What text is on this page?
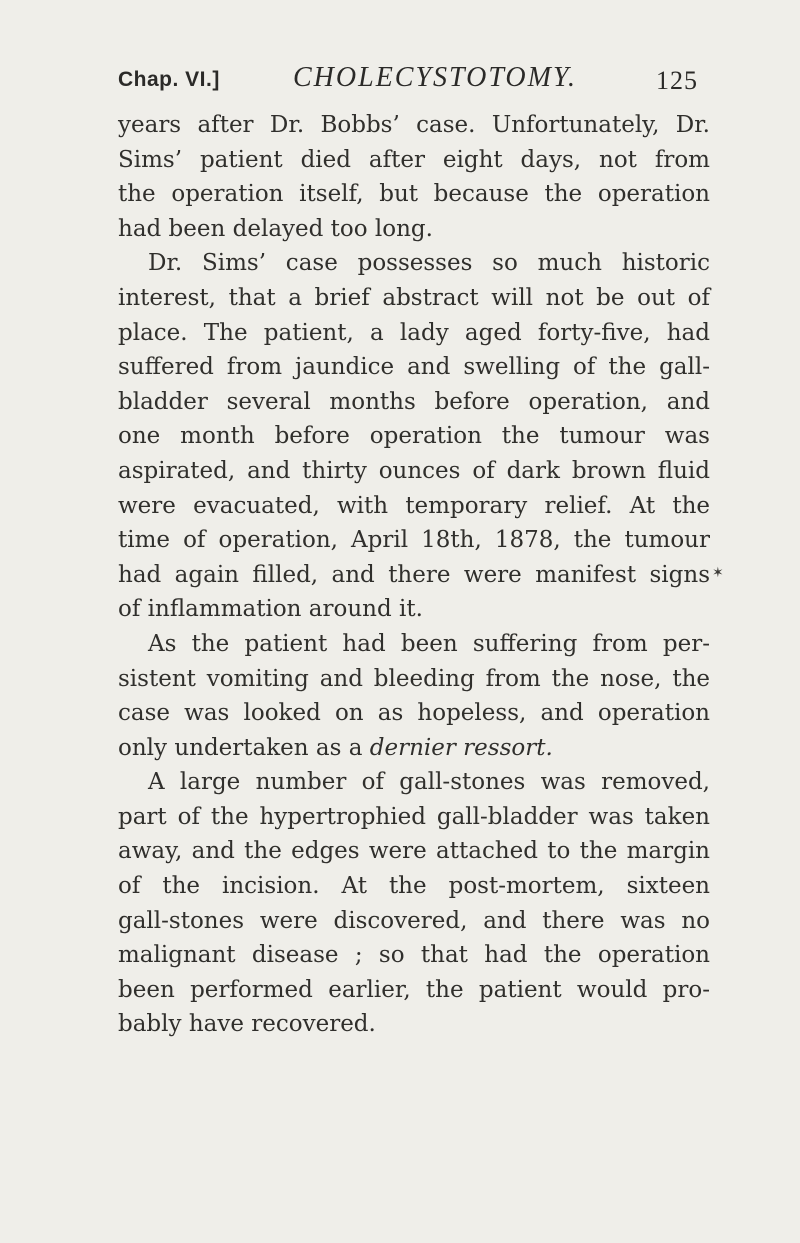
Chap. VI.]	CHOLECYSTOTOMY.	125
years after Dr. Bobbs’ case. Unfortunately, Dr.
Sims’ patient died after eight days, not from
the operation itself, but because the operation
had been delayed too long.
Dr. Sims’ case possesses so much historic
interest, that a brief abstract will not be out of
place. The patient, a lady aged forty-five, had
suffered from jaundice and swelling of the gall-
bladder several months before operation, and
one month before operation the tumour was
aspirated, and thirty ounces of dark brown fluid
were evacuated, with temporary relief. At the
time of operation, April 18th, 1878, the tumour
had again filled, and there were manifest signs
of inflammation around it.
As the patient had been suffering from per-
sistent vomiting and bleeding from the nose, the
case was looked on as hopeless, and operation
only undertaken as a dernier ressort.
A large number of gall-stones was removed,
part of the hypertrophied gall-bladder was taken
away, and the edges were attached to the margin
of the incision. At the post-mortem, sixteen
gall-stones were discovered, and there was no
malignant disease ; so that had the operation
been performed earlier, the patient would pro-
bably have recovered.
✶
